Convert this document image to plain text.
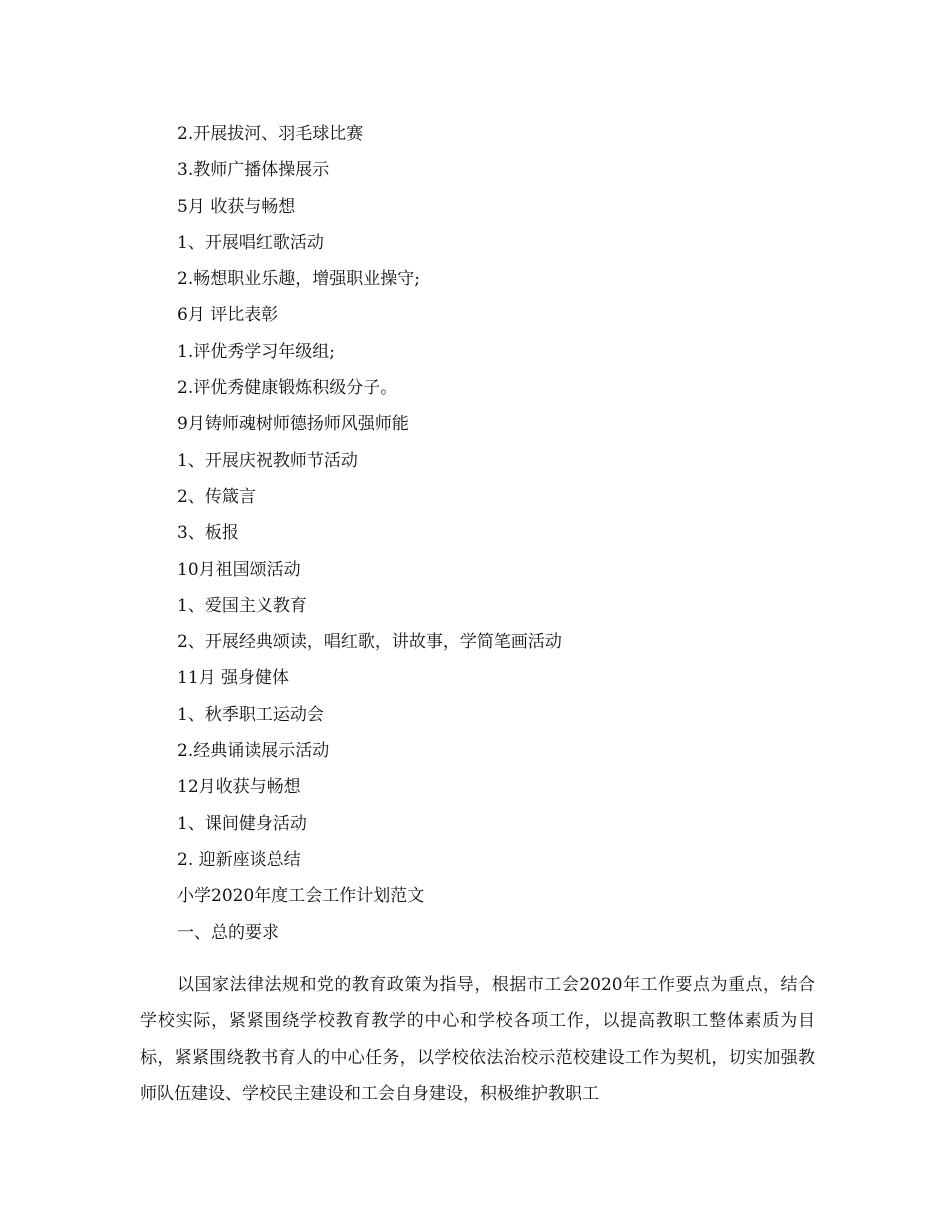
2.开展拔河、羽毛球比赛
3.教师广播体操展示
5月 收获与畅想
1、开展唱红歌活动
2.畅想职业乐趣，增强职业操守;
6月 评比表彰
1.评优秀学习年级组;
2.评优秀健康锻炼积级分子。
9月铸师魂树师德扬师风强师能
1、开展庆祝教师节活动
2、传箴言
3、板报
10月祖国颂活动
1、爱国主义教育
2、开展经典颂读，唱红歌，讲故事，学简笔画活动
11月 强身健体
1、秋季职工运动会
2.经典诵读展示活动
12月收获与畅想
1、课间健身活动
2. 迎新座谈总结
小学2020年度工会工作计划范文
一、总的要求

以国家法律法规和党的教育政策为指导，根据市工会2020年工作要点为重点，结合学校实际，紧紧围绕学校教育教学的中心和学校各项工作，以提高教职工整体素质为目标，紧紧围绕教书育人的中心任务，以学校依法治校示范校建设工作为契机，切实加强教师队伍建设、学校民主建设和工会自身建设，积极维护教职工
